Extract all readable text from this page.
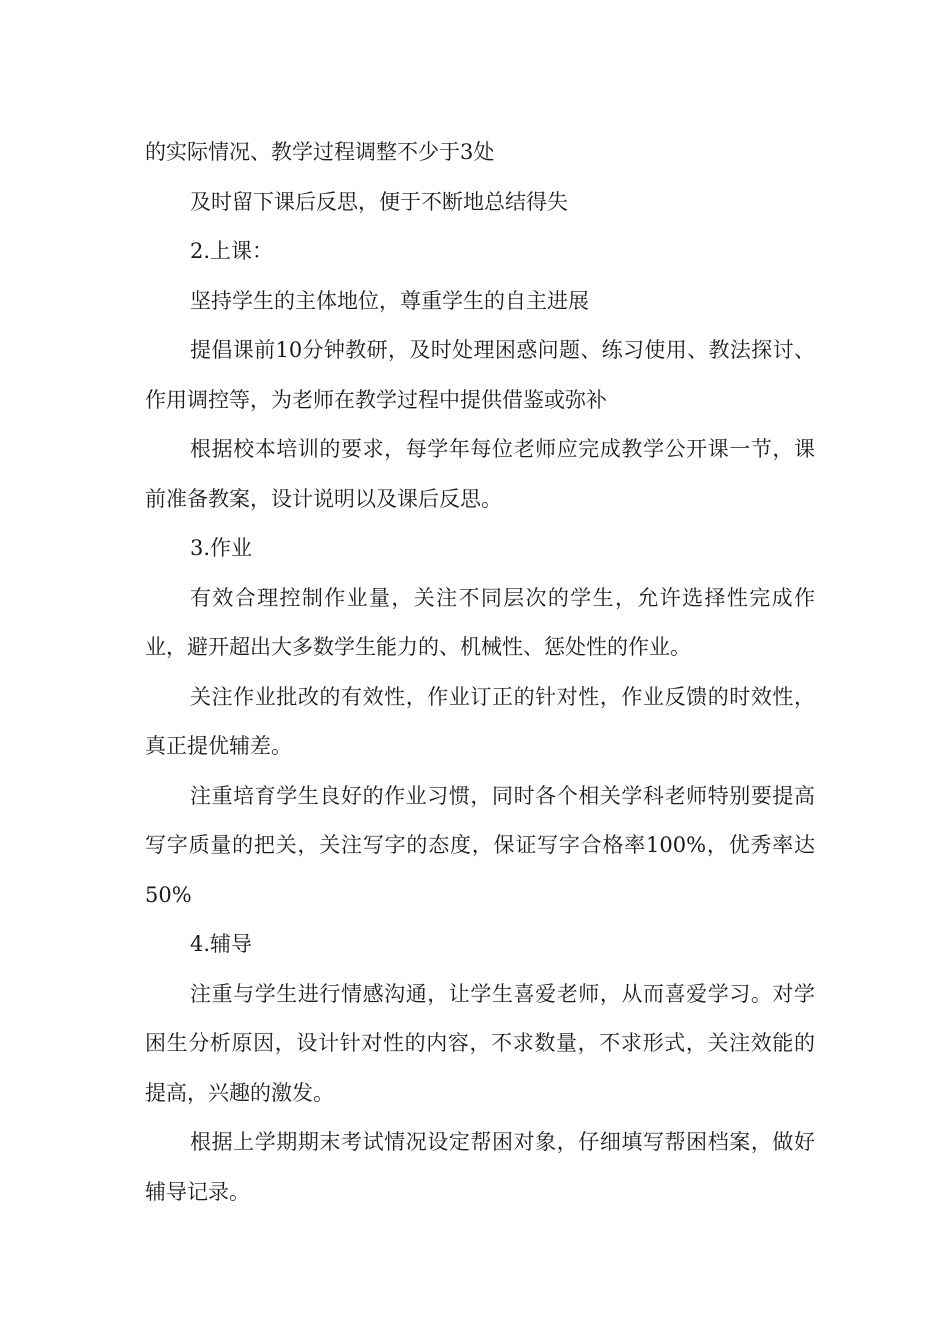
的实际情况、教学过程调整不少于3处

及时留下课后反思，便于不断地总结得失

2.上课：

坚持学生的主体地位，尊重学生的自主进展

提倡课前10分钟教研，及时处理困惑问题、练习使用、教法探讨、作用调控等，为老师在教学过程中提供借鉴或弥补

根据校本培训的要求，每学年每位老师应完成教学公开课一节，课前准备教案，设计说明以及课后反思。

3.作业

有效合理控制作业量，关注不同层次的学生，允许选择性完成作业，避开超出大多数学生能力的、机械性、惩处性的作业。

关注作业批改的有效性，作业订正的针对性，作业反馈的时效性，真正提优辅差。

注重培育学生良好的作业习惯，同时各个相关学科老师特别要提高写字质量的把关，关注写字的态度，保证写字合格率100%，优秀率达50%

4.辅导

注重与学生进行情感沟通，让学生喜爱老师，从而喜爱学习。对学困生分析原因，设计针对性的内容，不求数量，不求形式，关注效能的提高，兴趣的激发。

根据上学期期末考试情况设定帮困对象，仔细填写帮困档案，做好辅导记录。
